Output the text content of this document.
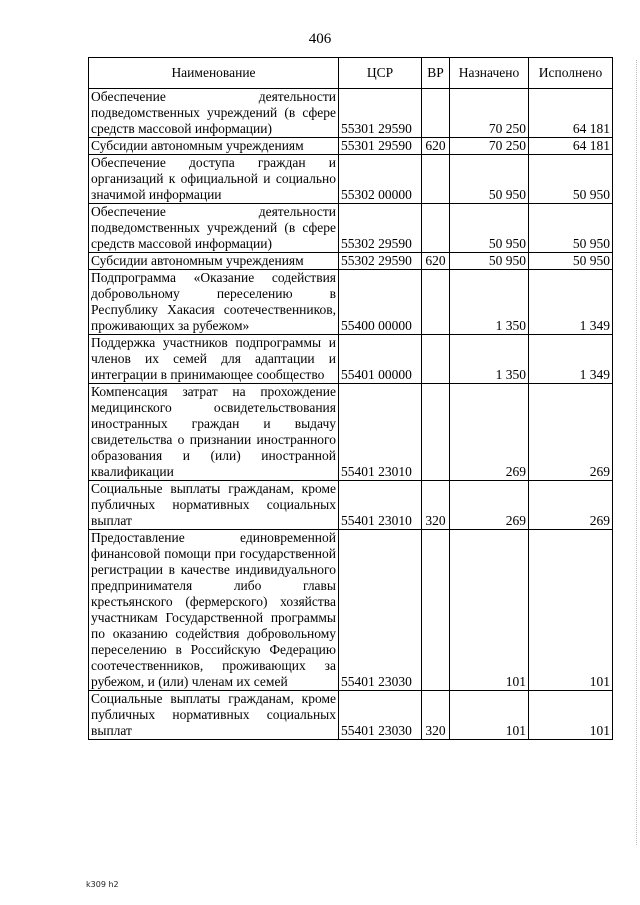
406
Наименование	ЦСР	ВР	Назначено	Исполнено
Обеспечение деятельности подведомственных учреждений (в сфере средств массовой информации)	55301 29590		70 250	64 181
Субсидии автономным учреждениям	55301 29590	620	70 250	64 181
Обеспечение доступа граждан и организаций к официальной и социально значимой информации	55302 00000		50 950	50 950
Обеспечение деятельности подведомственных учреждений (в сфере средств массовой информации)	55302 29590		50 950	50 950
Субсидии автономным учреждениям	55302 29590	620	50 950	50 950
Подпрограмма «Оказание содействия добровольному переселению в Республику Хакасия соотечественников, проживающих за рубежом»	55400 00000		1 350	1 349
Поддержка участников подпрограммы и членов их семей для адаптации и интеграции в принимающее сообщество	55401 00000		1 350	1 349
Компенсация затрат на прохождение медицинского освидетельствования иностранных граждан и выдачу свидетельства о признании иностранного образования и (или) иностранной квалификации	55401 23010		269	269
Социальные выплаты гражданам, кроме публичных нормативных социальных выплат	55401 23010	320	269	269
Предоставление единовременной финансовой помощи при государственной регистрации в качестве индивидуального предпринимателя либо главы крестьянского (фермерского) хозяйства участникам Государственной программы по оказанию содействия добровольному переселению в Российскую Федерацию соотечественников, проживающих за рубежом, и (или) членам их семей	55401 23030		101	101
Социальные выплаты гражданам, кроме публичных нормативных социальных выплат	55401 23030	320	101	101
k309 h2
